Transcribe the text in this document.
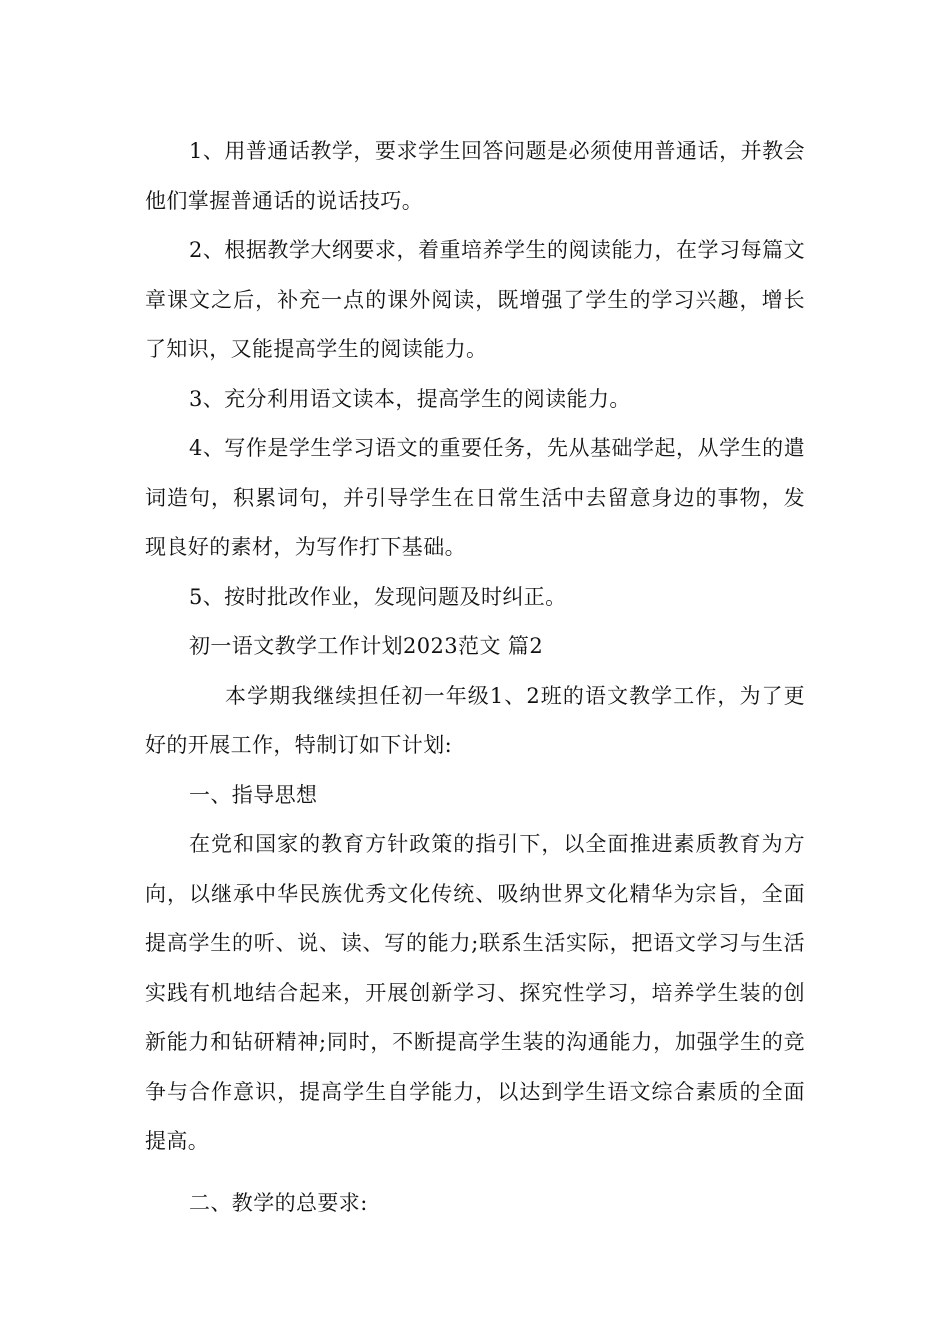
1、用普通话教学，要求学生回答问题是必须使用普通话，并教会他们掌握普通话的说话技巧。

2、根据教学大纲要求，着重培养学生的阅读能力，在学习每篇文章课文之后，补充一点的课外阅读，既增强了学生的学习兴趣，增长了知识，又能提高学生的阅读能力。

3、充分利用语文读本，提高学生的阅读能力。

4、写作是学生学习语文的重要任务，先从基础学起，从学生的遣词造句，积累词句，并引导学生在日常生活中去留意身边的事物，发现良好的素材，为写作打下基础。

5、按时批改作业，发现问题及时纠正。

初一语文教学工作计划2023范文 篇2

本学期我继续担任初一年级1、2班的语文教学工作，为了更好的开展工作，特制订如下计划:

一、指导思想

在党和国家的教育方针政策的指引下，以全面推进素质教育为方向，以继承中华民族优秀文化传统、吸纳世界文化精华为宗旨，全面提高学生的听、说、读、写的能力;联系生活实际，把语文学习与生活实践有机地结合起来，开展创新学习、探究性学习，培养学生装的创新能力和钻研精神;同时，不断提高学生装的沟通能力，加强学生的竞争与合作意识，提高学生自学能力，以达到学生语文综合素质的全面提高。

二、教学的总要求:
